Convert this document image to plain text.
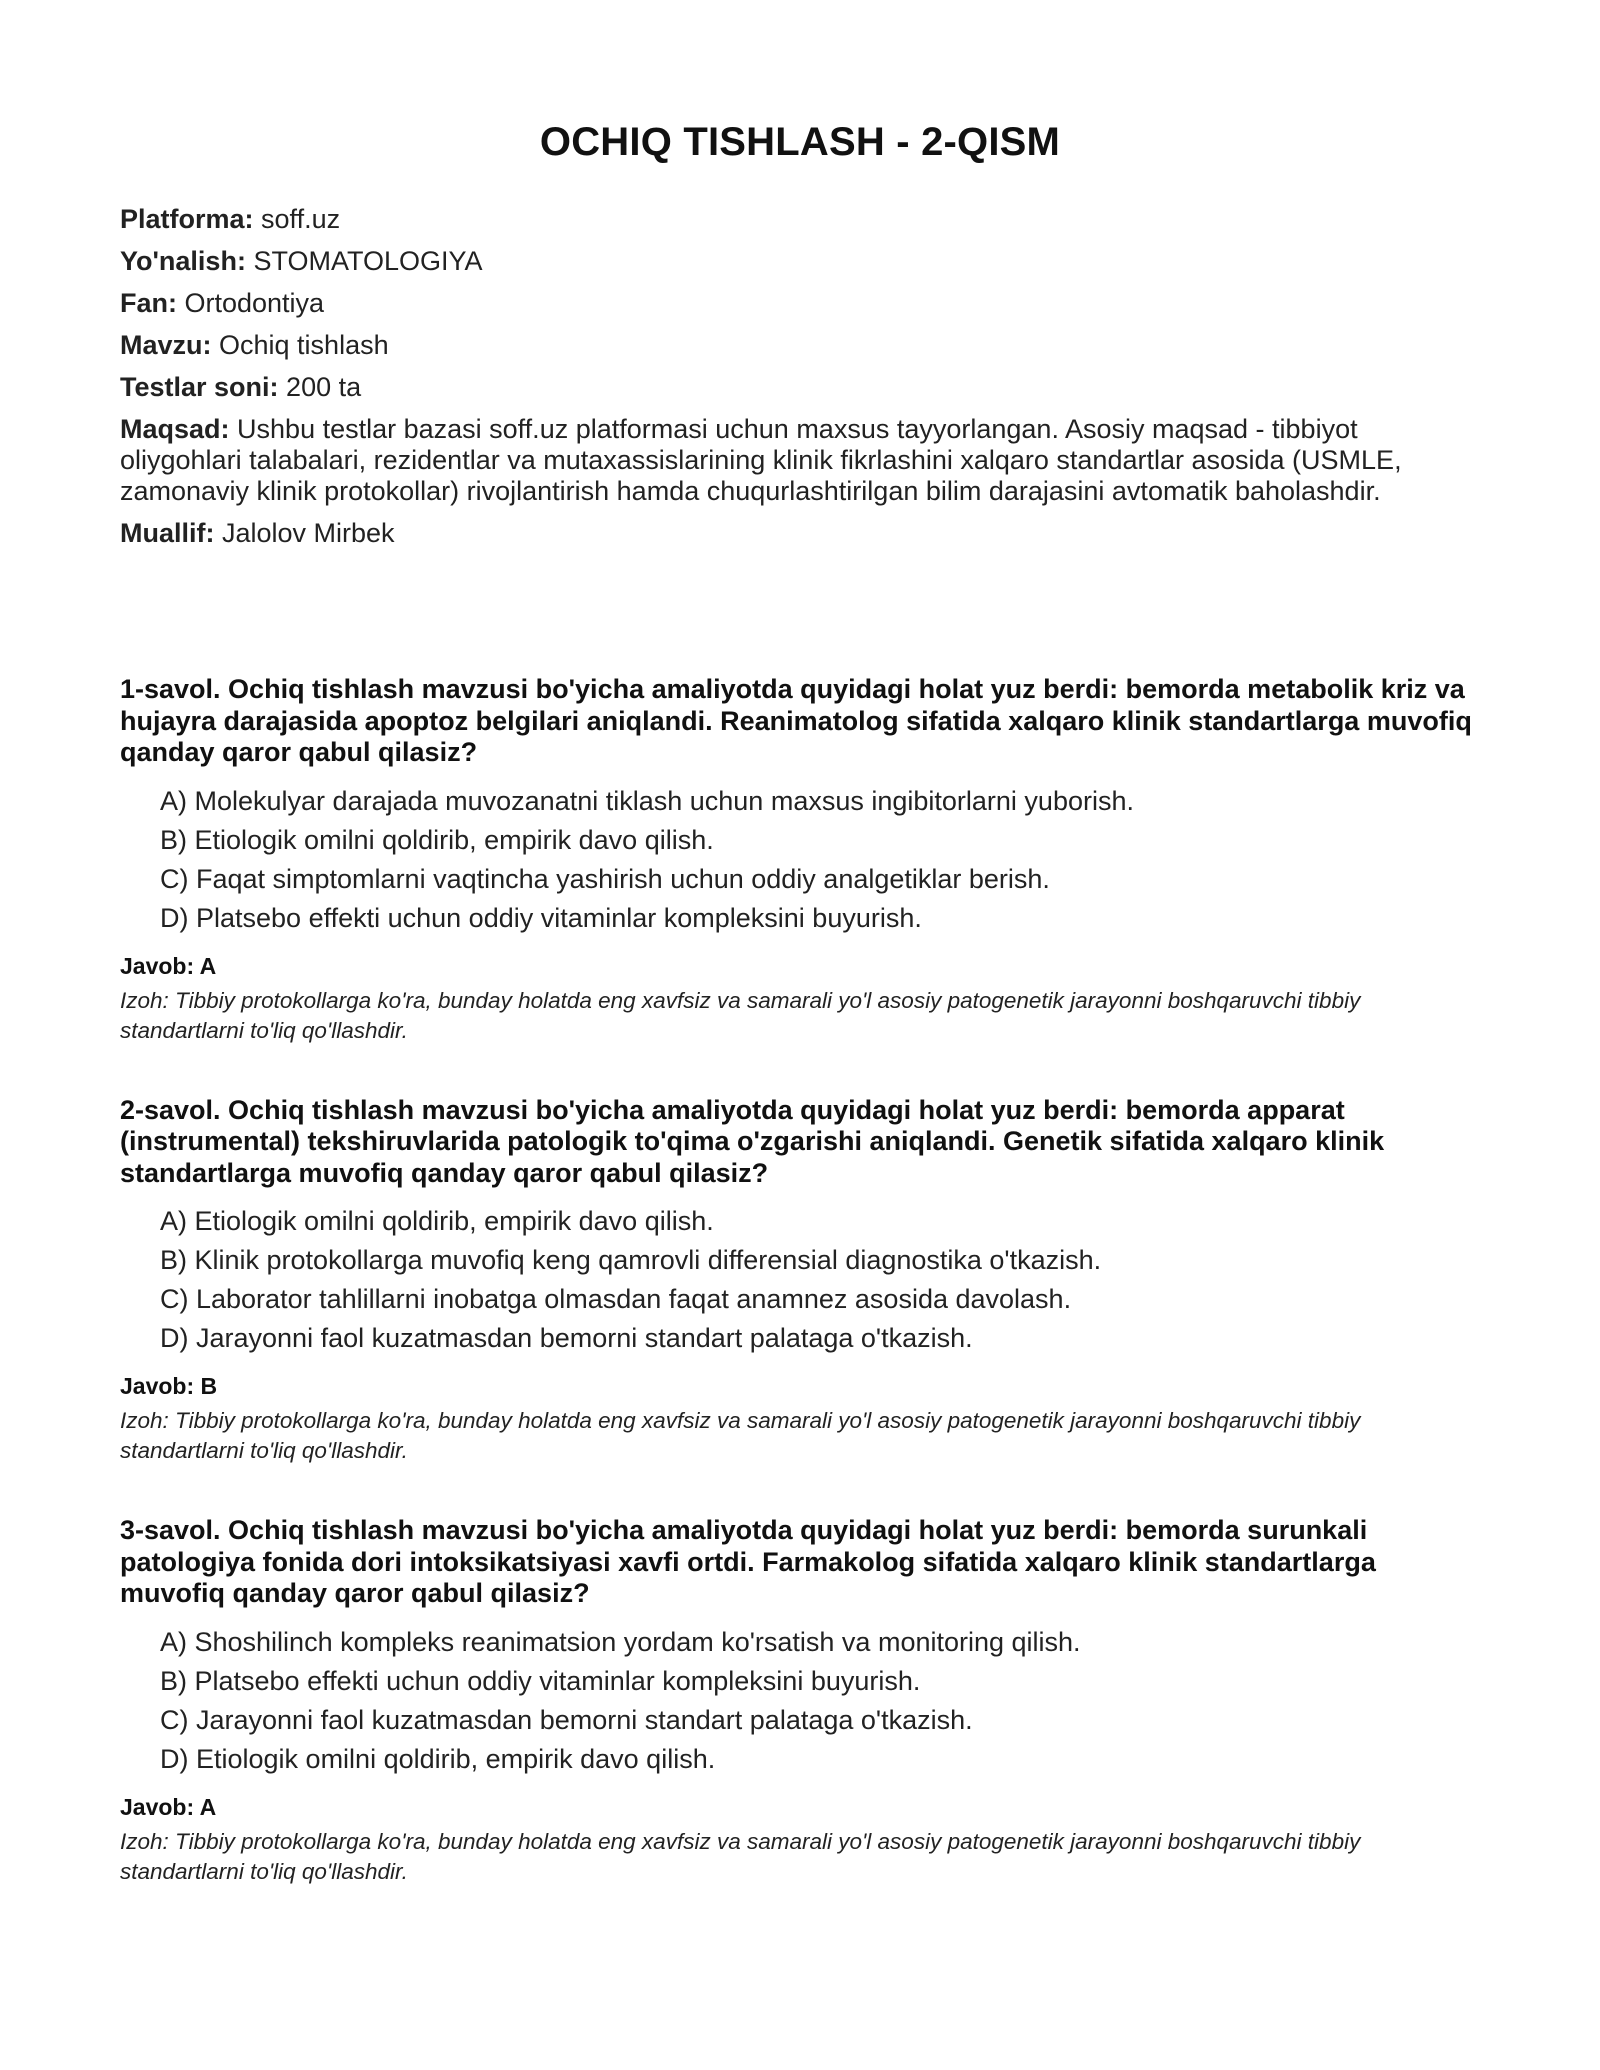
OCHIQ TISHLASH - 2-QISM
Platforma: soff.uz
Yo'nalish: STOMATOLOGIYA
Fan: Ortodontiya
Mavzu: Ochiq tishlash
Testlar soni: 200 ta
Maqsad: Ushbu testlar bazasi soff.uz platformasi uchun maxsus tayyorlangan. Asosiy maqsad - tibbiyot oliygohlari talabalari, rezidentlar va mutaxassislarining klinik fikrlashini xalqaro standartlar asosida (USMLE, zamonaviy klinik protokollar) rivojlantirish hamda chuqurlashtirilgan bilim darajasini avtomatik baholashdir.
Muallif: Jalolov Mirbek
1-savol. Ochiq tishlash mavzusi bo'yicha amaliyotda quyidagi holat yuz berdi: bemorda metabolik kriz va hujayra darajasida apoptoz belgilari aniqlandi. Reanimatolog sifatida xalqaro klinik standartlarga muvofiq qanday qaror qabul qilasiz?
A) Molekulyar darajada muvozanatni tiklash uchun maxsus ingibitorlarni yuborish.
B) Etiologik omilni qoldirib, empirik davo qilish.
C) Faqat simptomlarni vaqtincha yashirish uchun oddiy analgetiklar berish.
D) Platsebo effekti uchun oddiy vitaminlar kompleksini buyurish.
Javob: A
Izoh: Tibbiy protokollarga ko'ra, bunday holatda eng xavfsiz va samarali yo'l asosiy patogenetik jarayonni boshqaruvchi tibbiy standartlarni to'liq qo'llashdir.
2-savol. Ochiq tishlash mavzusi bo'yicha amaliyotda quyidagi holat yuz berdi: bemorda apparat (instrumental) tekshiruvlarida patologik to'qima o'zgarishi aniqlandi. Genetik sifatida xalqaro klinik standartlarga muvofiq qanday qaror qabul qilasiz?
A) Etiologik omilni qoldirib, empirik davo qilish.
B) Klinik protokollarga muvofiq keng qamrovli differensial diagnostika o'tkazish.
C) Laborator tahlillarni inobatga olmasdan faqat anamnez asosida davolash.
D) Jarayonni faol kuzatmasdan bemorni standart palataga o'tkazish.
Javob: B
Izoh: Tibbiy protokollarga ko'ra, bunday holatda eng xavfsiz va samarali yo'l asosiy patogenetik jarayonni boshqaruvchi tibbiy standartlarni to'liq qo'llashdir.
3-savol. Ochiq tishlash mavzusi bo'yicha amaliyotda quyidagi holat yuz berdi: bemorda surunkali patologiya fonida dori intoksikatsiyasi xavfi ortdi. Farmakolog sifatida xalqaro klinik standartlarga muvofiq qanday qaror qabul qilasiz?
A) Shoshilinch kompleks reanimatsion yordam ko'rsatish va monitoring qilish.
B) Platsebo effekti uchun oddiy vitaminlar kompleksini buyurish.
C) Jarayonni faol kuzatmasdan bemorni standart palataga o'tkazish.
D) Etiologik omilni qoldirib, empirik davo qilish.
Javob: A
Izoh: Tibbiy protokollarga ko'ra, bunday holatda eng xavfsiz va samarali yo'l asosiy patogenetik jarayonni boshqaruvchi tibbiy standartlarni to'liq qo'llashdir.
